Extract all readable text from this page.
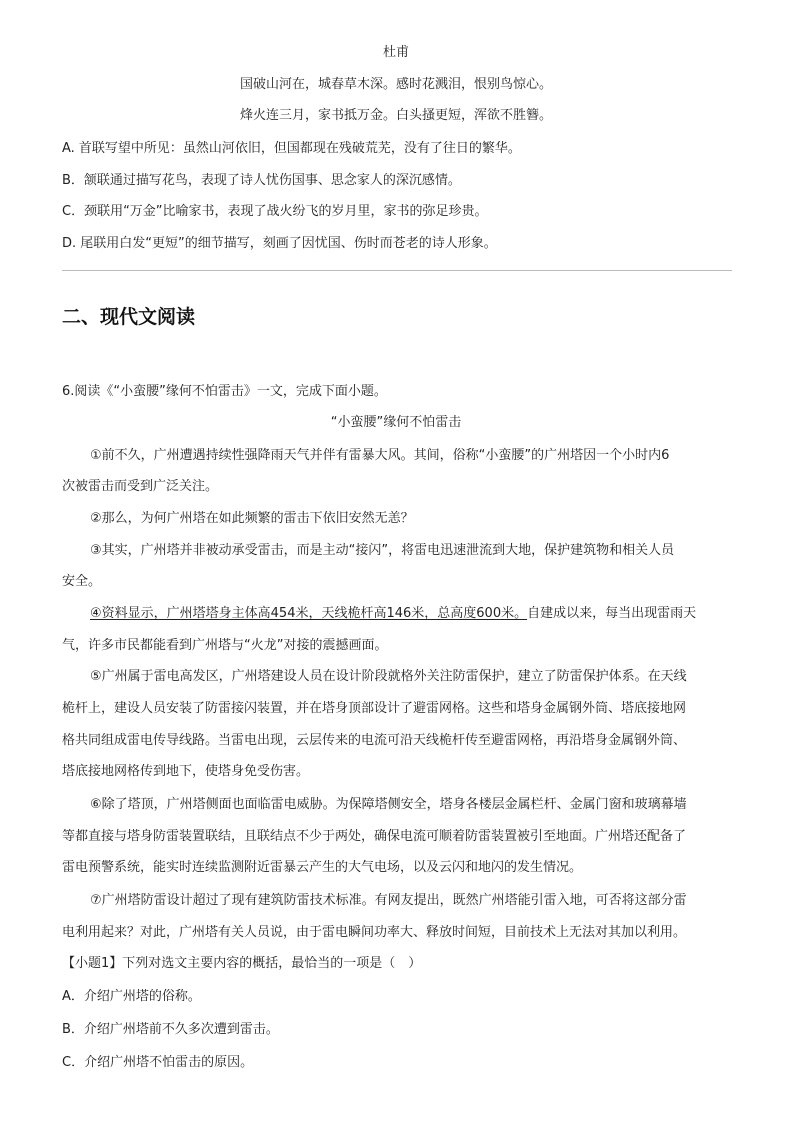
杜甫
国破山河在，城春草木深。感时花溅泪，恨别鸟惊心。
烽火连三月，家书抵万金。白头搔更短，浑欲不胜簪。
A. 首联写望中所见：虽然山河依旧，但国都现在残破荒芜，没有了往日的繁华。
B．颔联通过描写花鸟，表现了诗人忧伤国事、思念家人的深沉感情。
C．颈联用“万金”比喻家书，表现了战火纷飞的岁月里，家书的弥足珍贵。
D. 尾联用白发“更短”的细节描写，刻画了因忧国、伤时而苍老的诗人形象。
二、现代文阅读
6.阅读《“小蛮腰”缘何不怕雷击》一文，完成下面小题。
“小蛮腰”缘何不怕雷击
①前不久，广州遭遇持续性强降雨天气并伴有雷暴大风。其间，俗称“小蛮腰”的广州塔因一个小时内6
次被雷击而受到广泛关注。
②那么，为何广州塔在如此频繁的雷击下依旧安然无恙？
③其实，广州塔并非被动承受雷击，而是主动“接闪”，将雷电迅速泄流到大地，保护建筑物和相关人员
安全。
④资料显示，广州塔塔身主体高454米，天线桅杆高146米，总高度600米。自建成以来，每当出现雷雨天
气，许多市民都能看到广州塔与“火龙”对接的震撼画面。
⑤广州属于雷电高发区，广州塔建设人员在设计阶段就格外关注防雷保护，建立了防雷保护体系。在天线
桅杆上，建设人员安装了防雷接闪装置，并在塔身顶部设计了避雷网格。这些和塔身金属钢外筒、塔底接地网
格共同组成雷电传导线路。当雷电出现，云层传来的电流可沿天线桅杆传至避雷网格，再沿塔身金属钢外筒、
塔底接地网格传到地下，使塔身免受伤害。
⑥除了塔顶，广州塔侧面也面临雷电威胁。为保障塔侧安全，塔身各楼层金属栏杆、金属门窗和玻璃幕墙
等都直接与塔身防雷装置联结，且联结点不少于两处，确保电流可顺着防雷装置被引至地面。广州塔还配备了
雷电预警系统，能实时连续监测附近雷暴云产生的大气电场，以及云闪和地闪的发生情况。
⑦广州塔防雷设计超过了现有建筑防雷技术标准。有网友提出，既然广州塔能引雷入地，可否将这部分雷
电利用起来？对此，广州塔有关人员说，由于雷电瞬间功率大、释放时间短，目前技术上无法对其加以利用。
【小题1】下列对选文主要内容的概括，最恰当的一项是（　）
A．介绍广州塔的俗称。
B．介绍广州塔前不久多次遭到雷击。
C．介绍广州塔不怕雷击的原因。
